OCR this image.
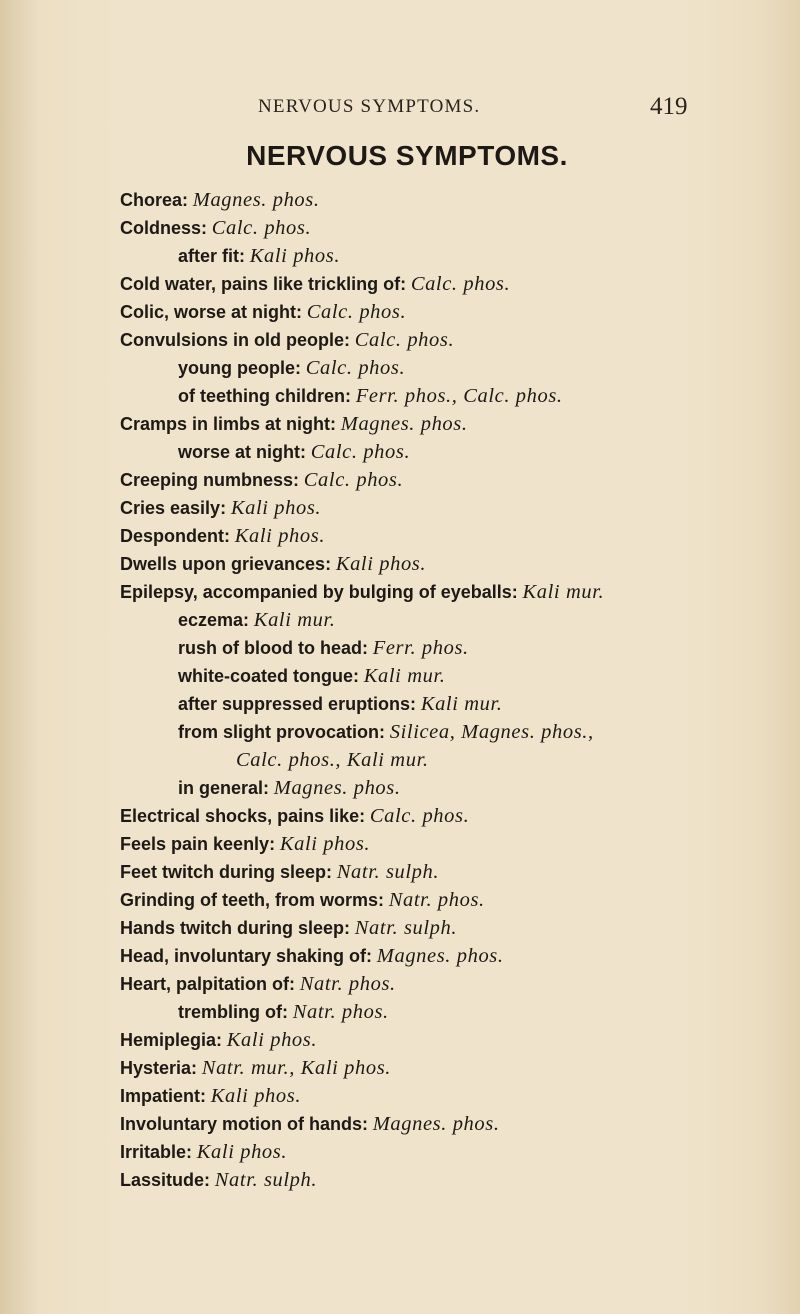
NERVOUS SYMPTOMS.	419
NERVOUS SYMPTOMS.
Chorea: Magnes. phos.
Coldness: Calc. phos.
after fit: Kali phos.
Cold water, pains like trickling of: Calc. phos.
Colic, worse at night: Calc. phos.
Convulsions in old people: Calc. phos.
young people: Calc. phos.
of teething children: Ferr. phos., Calc. phos.
Cramps in limbs at night: Magnes. phos.
worse at night: Calc. phos.
Creeping numbness: Calc. phos.
Cries easily: Kali phos.
Despondent: Kali phos.
Dwells upon grievances: Kali phos.
Epilepsy, accompanied by bulging of eyeballs: Kali mur.
eczema: Kali mur.
rush of blood to head: Ferr. phos.
white-coated tongue: Kali mur.
after suppressed eruptions: Kali mur.
from slight provocation: Silicea, Magnes. phos.,
Calc. phos., Kali mur.
in general: Magnes. phos.
Electrical shocks, pains like: Calc. phos.
Feels pain keenly: Kali phos.
Feet twitch during sleep: Natr. sulph.
Grinding of teeth, from worms: Natr. phos.
Hands twitch during sleep: Natr. sulph.
Head, involuntary shaking of: Magnes. phos.
Heart, palpitation of: Natr. phos.
trembling of: Natr. phos.
Hemiplegia: Kali phos.
Hysteria: Natr. mur., Kali phos.
Impatient: Kali phos.
Involuntary motion of hands: Magnes. phos.
Irritable: Kali phos.
Lassitude: Natr. sulph.
